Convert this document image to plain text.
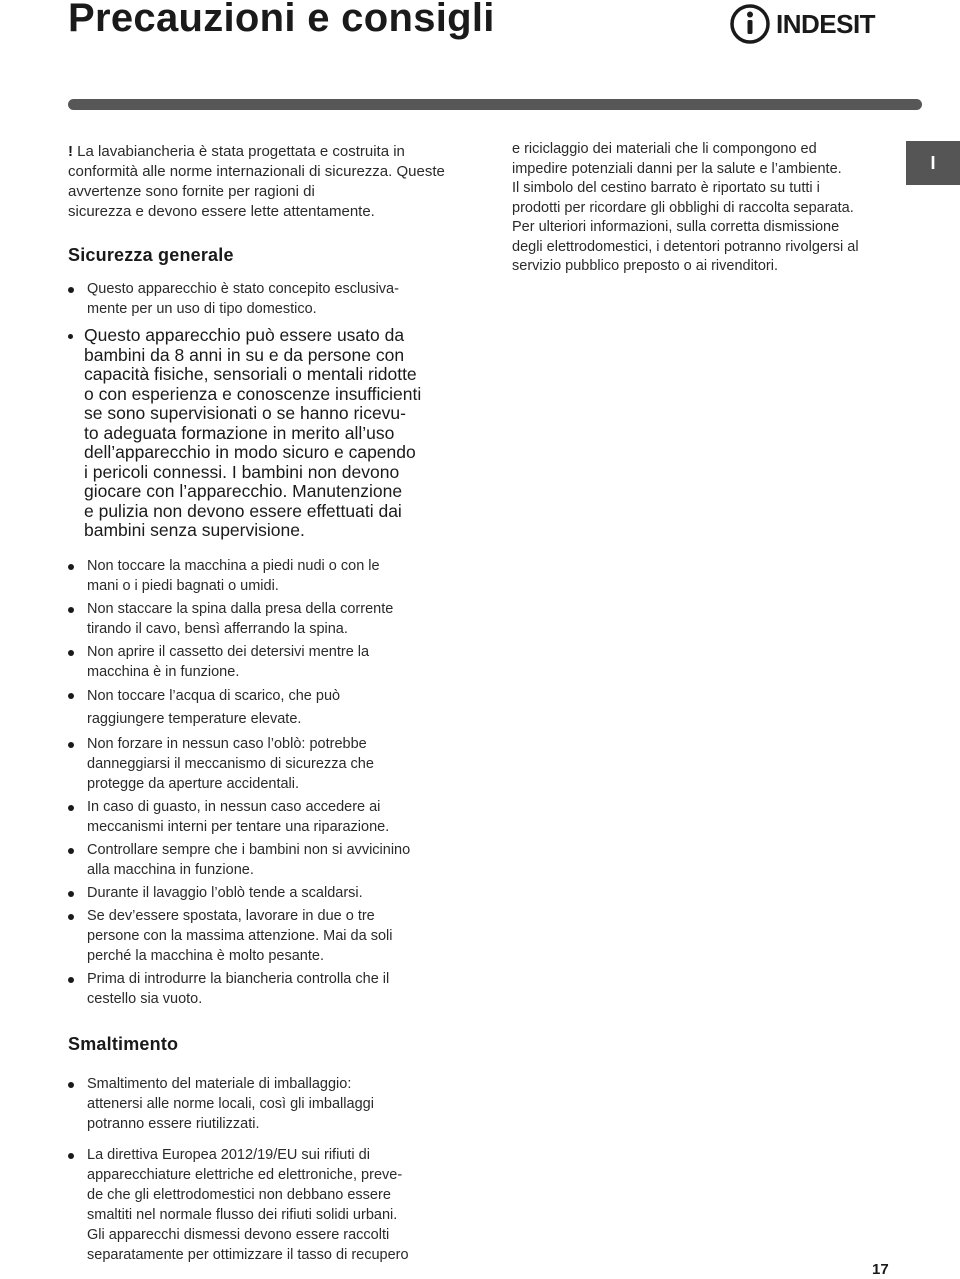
Precauzioni e consigli	INDESIT
I

! La lavabiancheria è stata progettata e costruita in
conformità alle norme internazionali di sicurezza. Queste
avvertenze sono fornite per ragioni di
sicurezza e devono essere lette attentamente.

Sicurezza generale
Questo apparecchio è stato concepito esclusiva-
mente per un uso di tipo domestico.
Questo apparecchio può essere usato da
bambini da 8 anni in su e da persone con
capacità fisiche, sensoriali o mentali ridotte
o con esperienza e conoscenze insufficienti
se sono supervisionati o se hanno ricevu-
to adeguata formazione in merito all’uso
dell’apparecchio in modo sicuro e capendo
i pericoli connessi. I bambini non devono
giocare con l’apparecchio. Manutenzione
e pulizia non devono essere effettuati dai
bambini senza supervisione.
Non toccare la macchina a piedi nudi o con le
mani o i piedi bagnati o umidi.
Non staccare la spina dalla presa della corrente
tirando il cavo, bensì afferrando la spina.
Non aprire il cassetto dei detersivi mentre la
macchina è in funzione.
Non toccare l’acqua di scarico, che può
raggiungere temperature elevate.
Non forzare in nessun caso l’oblò: potrebbe
danneggiarsi il meccanismo di sicurezza che
protegge da aperture accidentali.
In caso di guasto, in nessun caso accedere ai
meccanismi interni per tentare una riparazione.
Controllare sempre che i bambini non si avvicinino
alla macchina in funzione.
Durante il lavaggio l’oblò tende a scaldarsi.
Se dev’essere spostata, lavorare in due o tre
persone con la massima attenzione. Mai da soli
perché la macchina è molto pesante.
Prima di introdurre la biancheria controlla che il
cestello sia vuoto.
Smaltimento
Smaltimento del materiale di imballaggio:
attenersi alle norme locali, così gli imballaggi
potranno essere riutilizzati.
La direttiva Europea 2012/19/EU sui rifiuti di
apparecchiature elettriche ed elettroniche, preve-
de che gli elettrodomestici non debbano essere
smaltiti nel normale flusso dei rifiuti solidi urbani.
Gli apparecchi dismessi devono essere raccolti
separatamente per ottimizzare il tasso di recupero

e riciclaggio dei materiali che li compongono ed
impedire potenziali danni per la salute e l’ambiente.
Il simbolo del cestino barrato è riportato su tutti i
prodotti per ricordare gli obblighi di raccolta separata.
Per ulteriori informazioni, sulla corretta dismissione
degli elettrodomestici, i detentori potranno rivolgersi al
servizio pubblico preposto o ai rivenditori.

17
